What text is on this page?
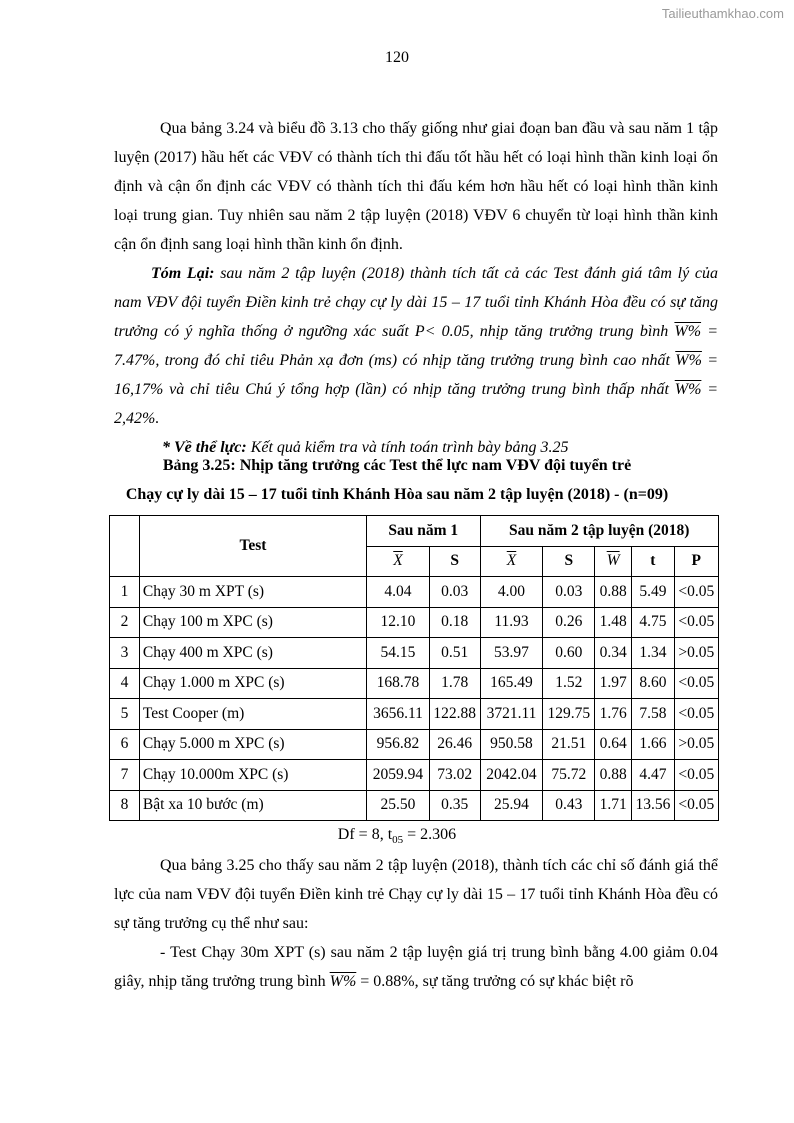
Tailieuthamkhao.com
120

Qua bảng 3.24 và biểu đồ 3.13 cho thấy giống như giai đoạn ban đầu và sau năm 1 tập luyện (2017) hầu hết các VĐV có thành tích thi đấu tốt hầu hết có loại hình thần kinh loại ổn định và cận ổn định các VĐV có thành tích thi đấu kém hơn hầu hết có loại hình thần kinh loại trung gian. Tuy nhiên sau năm 2 tập luyện (2018) VĐV 6 chuyển từ loại hình thần kinh cận ổn định sang loại hình thần kinh ổn định.

Tóm Lại: sau năm 2 tập luyện (2018) thành tích tất cả các Test đánh giá tâm lý của nam VĐV đội tuyển Điền kinh trẻ chạy cự ly dài 15 – 17 tuổi tỉnh Khánh Hòa đều có sự tăng trưởng có ý nghĩa thống ở ngưỡng xác suất P< 0.05, nhịp tăng trưởng trung bình W% = 7.47%, trong đó chỉ tiêu Phản xạ đơn (ms) có nhịp tăng trưởng trung bình cao nhất W% = 16,17% và chỉ tiêu Chú ý tổng hợp (lần) có nhịp tăng trưởng trung bình thấp nhất W% = 2,42%.

* Về thể lực: Kết quả kiểm tra và tính toán trình bày bảng 3.25

Bảng 3.25: Nhịp tăng trưởng các Test thể lực nam VĐV đội tuyển trẻ
Chạy cự ly dài 15 – 17 tuổi tỉnh Khánh Hòa sau năm 2 tập luyện (2018) - (n=09)
	Test	Sau năm 1		Sau năm 2 tập luyện (2018)				
		$\overline{X}$	S	$\overline{X}$	S	$\overline{W}$	t	P
1	Chạy 30 m XPT (s)	4.04	0.03	4.00	0.03	0.88	5.49	<0.05
2	Chạy 100 m XPC (s)	12.10	0.18	11.93	0.26	1.48	4.75	<0.05
3	Chạy 400 m XPC (s)	54.15	0.51	53.97	0.60	0.34	1.34	>0.05
4	Chạy 1.000 m XPC (s)	168.78	1.78	165.49	1.52	1.97	8.60	<0.05
5	Test Cooper (m)	3656.11	122.88	3721.11	129.75	1.76	7.58	<0.05
6	Chạy 5.000 m XPC (s)	956.82	26.46	950.58	21.51	0.64	1.66	>0.05
7	Chạy 10.000m XPC (s)	2059.94	73.02	2042.04	75.72	0.88	4.47	<0.05
8	Bật xa 10 bước (m)	25.50	0.35	25.94	0.43	1.71	13.56	<0.05
Df = 8, $t_{05} = 2.306$

Qua bảng 3.25 cho thấy sau năm 2 tập luyện (2018), thành tích các chỉ số đánh giá thể lực của nam VĐV đội tuyển Điền kinh trẻ Chạy cự ly dài 15 – 17 tuổi tỉnh Khánh Hòa đều có sự tăng trưởng cụ thể như sau:

- Test Chạy 30m XPT (s) sau năm 2 tập luyện giá trị trung bình bằng 4.00 giảm 0.04 giây, nhịp tăng trưởng trung bình W% = 0.88%, sự tăng trưởng có sự khác biệt rõ
